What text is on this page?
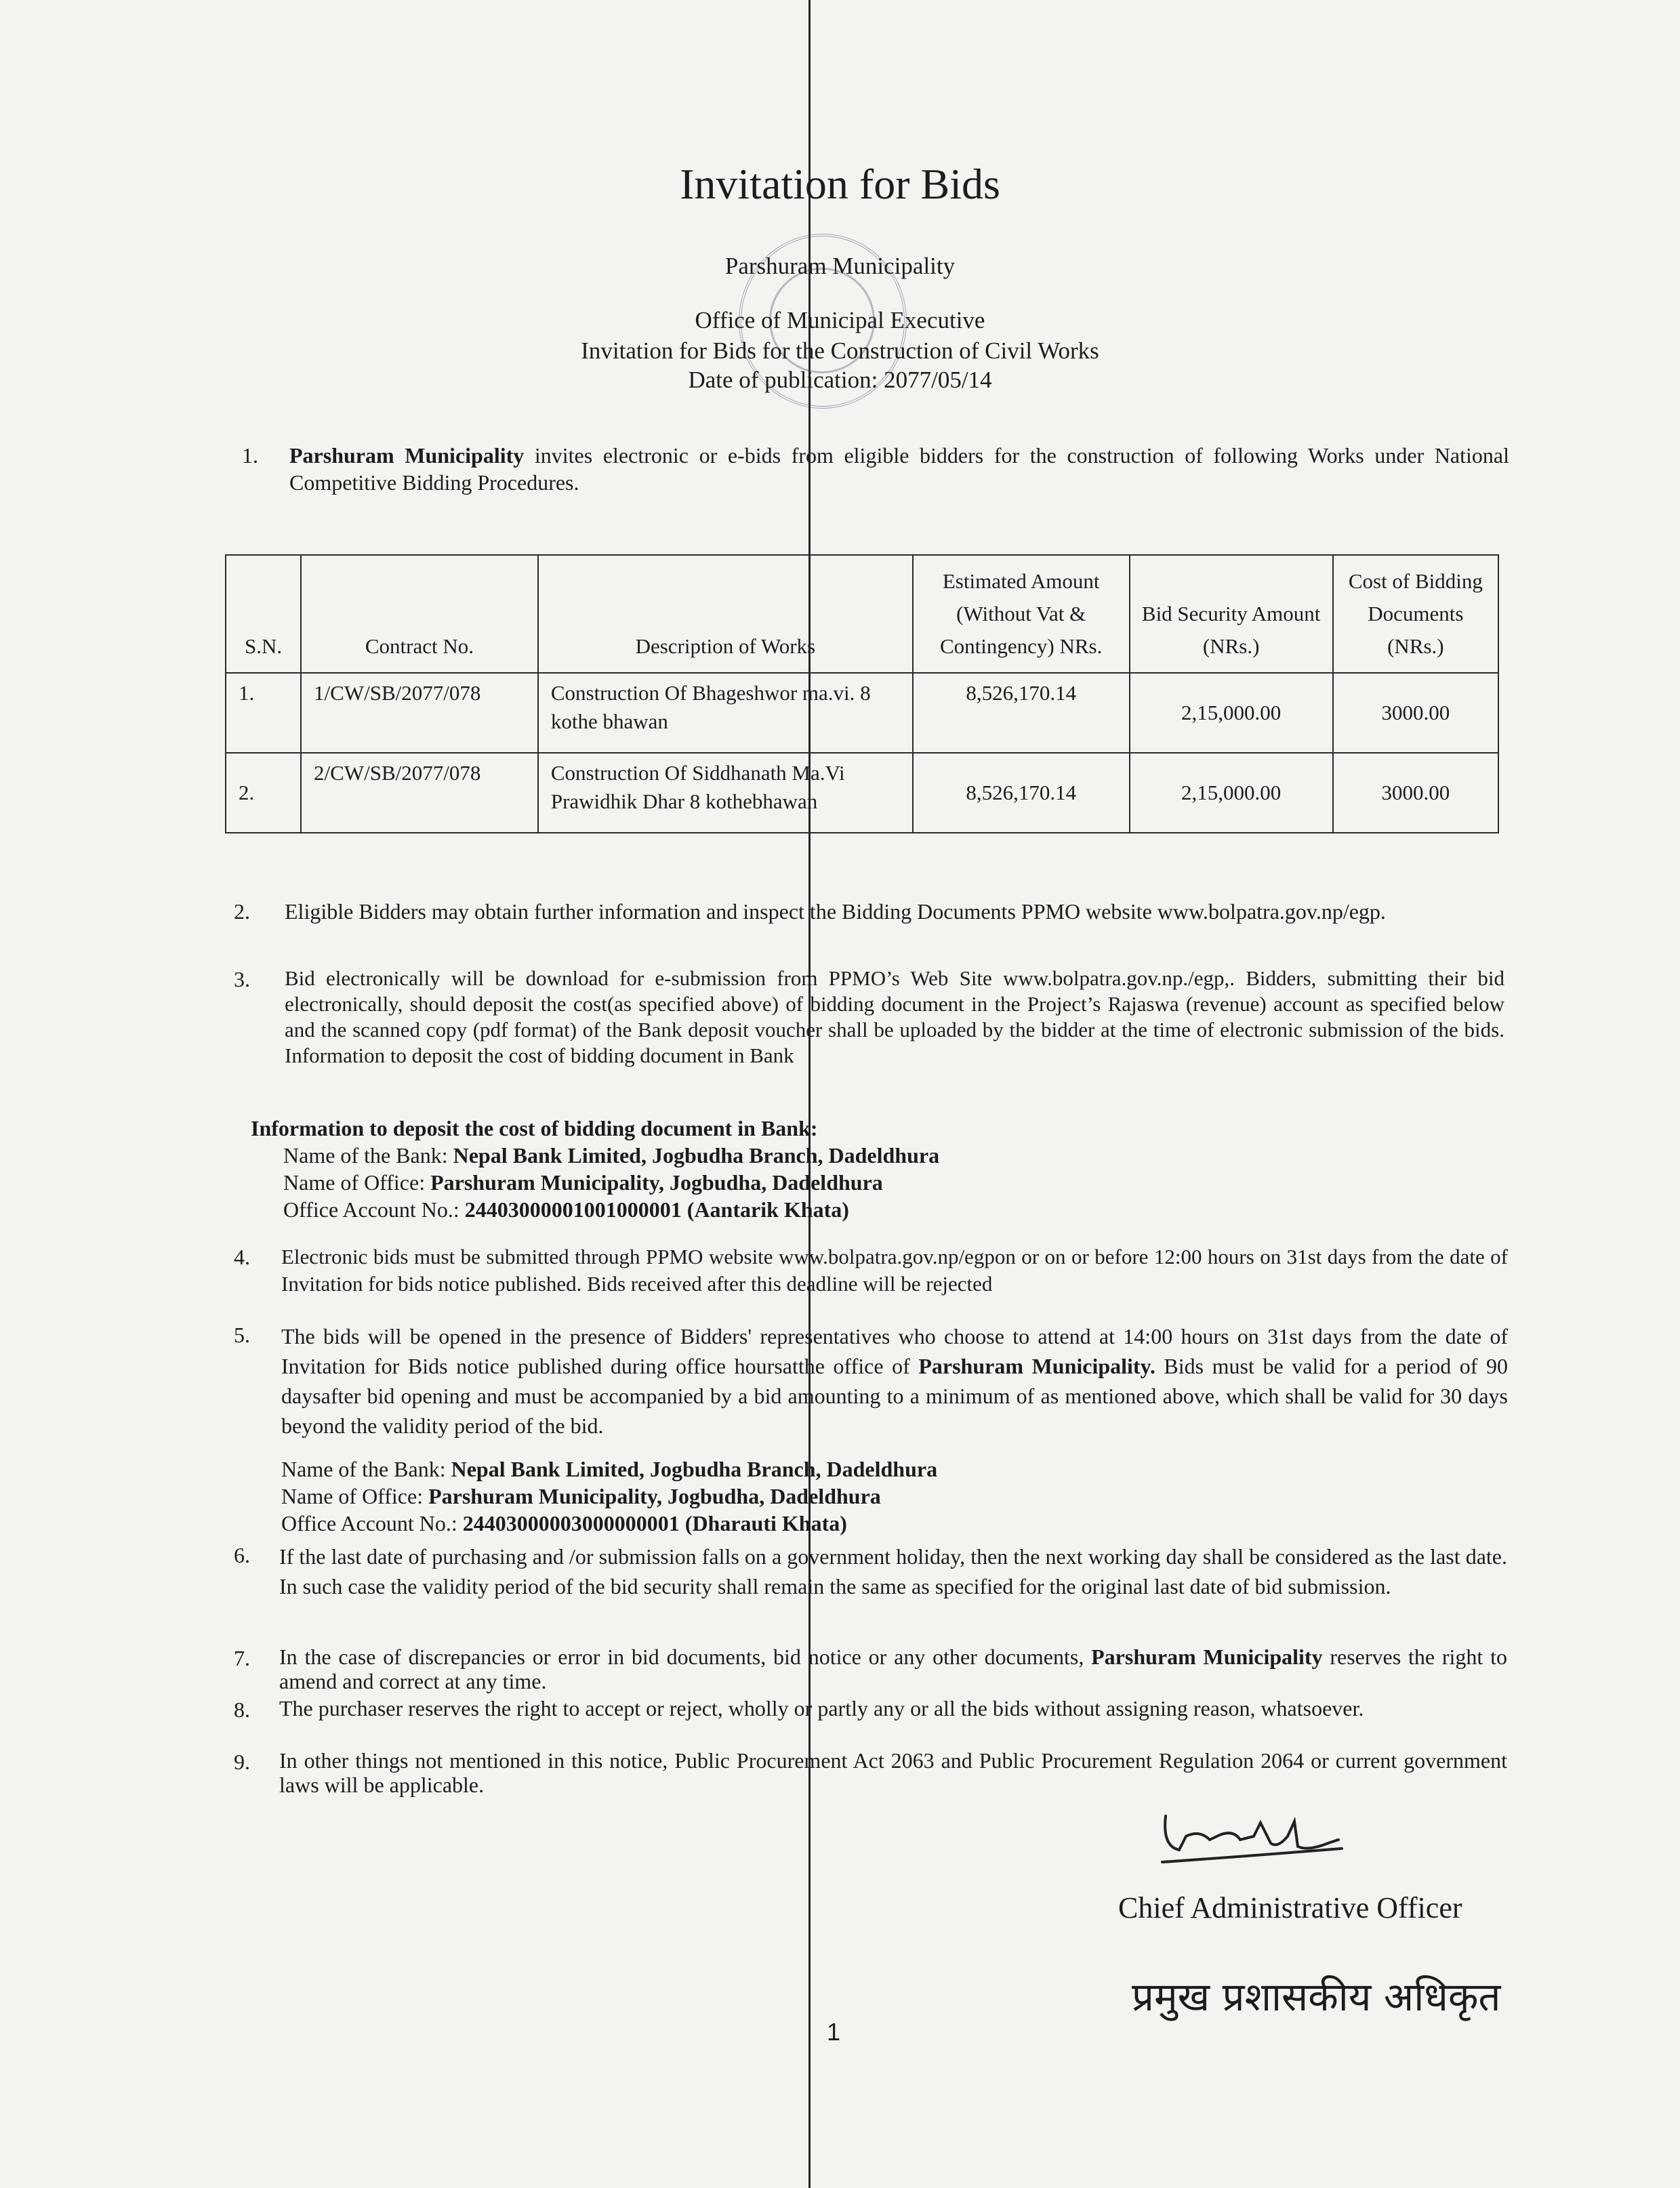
Invitation for Bids
Parshuram Municipality
Office of Municipal Executive
Invitation for Bids for the Construction of Civil Works
Date of publication: 2077/05/14
1. Parshuram Municipality invites electronic or e-bids from eligible bidders for the construction of following Works under National Competitive Bidding Procedures.
S.N.	Contract No.	Description of Works	Estimated Amount (Without Vat & Contingency) NRs.	Bid Security Amount (NRs.)	Cost of Bidding Documents (NRs.)
1.	1/CW/SB/2077/078	Construction Of Bhageshwor ma.vi. 8 kothe bhawan	8,526,170.14	2,15,000.00	3000.00
2.	2/CW/SB/2077/078	Construction Of Siddhanath Ma.Vi Prawidhik Dhar 8 kothebhawan	8,526,170.14	2,15,000.00	3000.00
2. Eligible Bidders may obtain further information and inspect the Bidding Documents PPMO website www.bolpatra.gov.np/egp.
3. Bid electronically will be download for e-submission from PPMO’s Web Site www.bolpatra.gov.np./egp,. Bidders, submitting their bid electronically, should deposit the cost(as specified above) of bidding document in the Project’s Rajaswa (revenue) account as specified below and the scanned copy (pdf format) of the Bank deposit voucher shall be uploaded by the bidder at the time of electronic submission of the bids. Information to deposit the cost of bidding document in Bank
Information to deposit the cost of bidding document in Bank:
Name of the Bank: Nepal Bank Limited, Jogbudha Branch, Dadeldhura
Name of Office: Parshuram Municipality, Jogbudha, Dadeldhura
Office Account No.: 24403000001001000001 (Aantarik Khata)
4. Electronic bids must be submitted through PPMO website www.bolpatra.gov.np/egpon or on or before 12:00 hours on 31st days from the date of Invitation for bids notice published. Bids received after this deadline will be rejected
5. The bids will be opened in the presence of Bidders' representatives who choose to attend at 14:00 hours on 31st days from the date of Invitation for Bids notice published during office hoursatthe office of Parshuram Municipality. Bids must be valid for a period of 90 daysafter bid opening and must be accompanied by a bid amounting to a minimum of as mentioned above, which shall be valid for 30 days beyond the validity period of the bid.
Name of the Bank: Nepal Bank Limited, Jogbudha Branch, Dadeldhura
Name of Office: Parshuram Municipality, Jogbudha, Dadeldhura
Office Account No.: 24403000003000000001 (Dharauti Khata)
6. If the last date of purchasing and /or submission falls on a government holiday, then the next working day shall be considered as the last date. In such case the validity period of the bid security shall remain the same as specified for the original last date of bid submission.
7. In the case of discrepancies or error in bid documents, bid notice or any other documents, Parshuram Municipality reserves the right to amend and correct at any time.
8. The purchaser reserves the right to accept or reject, wholly or partly any or all the bids without assigning reason, whatsoever.
9. In other things not mentioned in this notice, Public Procurement Act 2063 and Public Procurement Regulation 2064 or current government laws will be applicable.
Chief Administrative Officer
प्रमुख प्रशासकीय अधिकृत
1
